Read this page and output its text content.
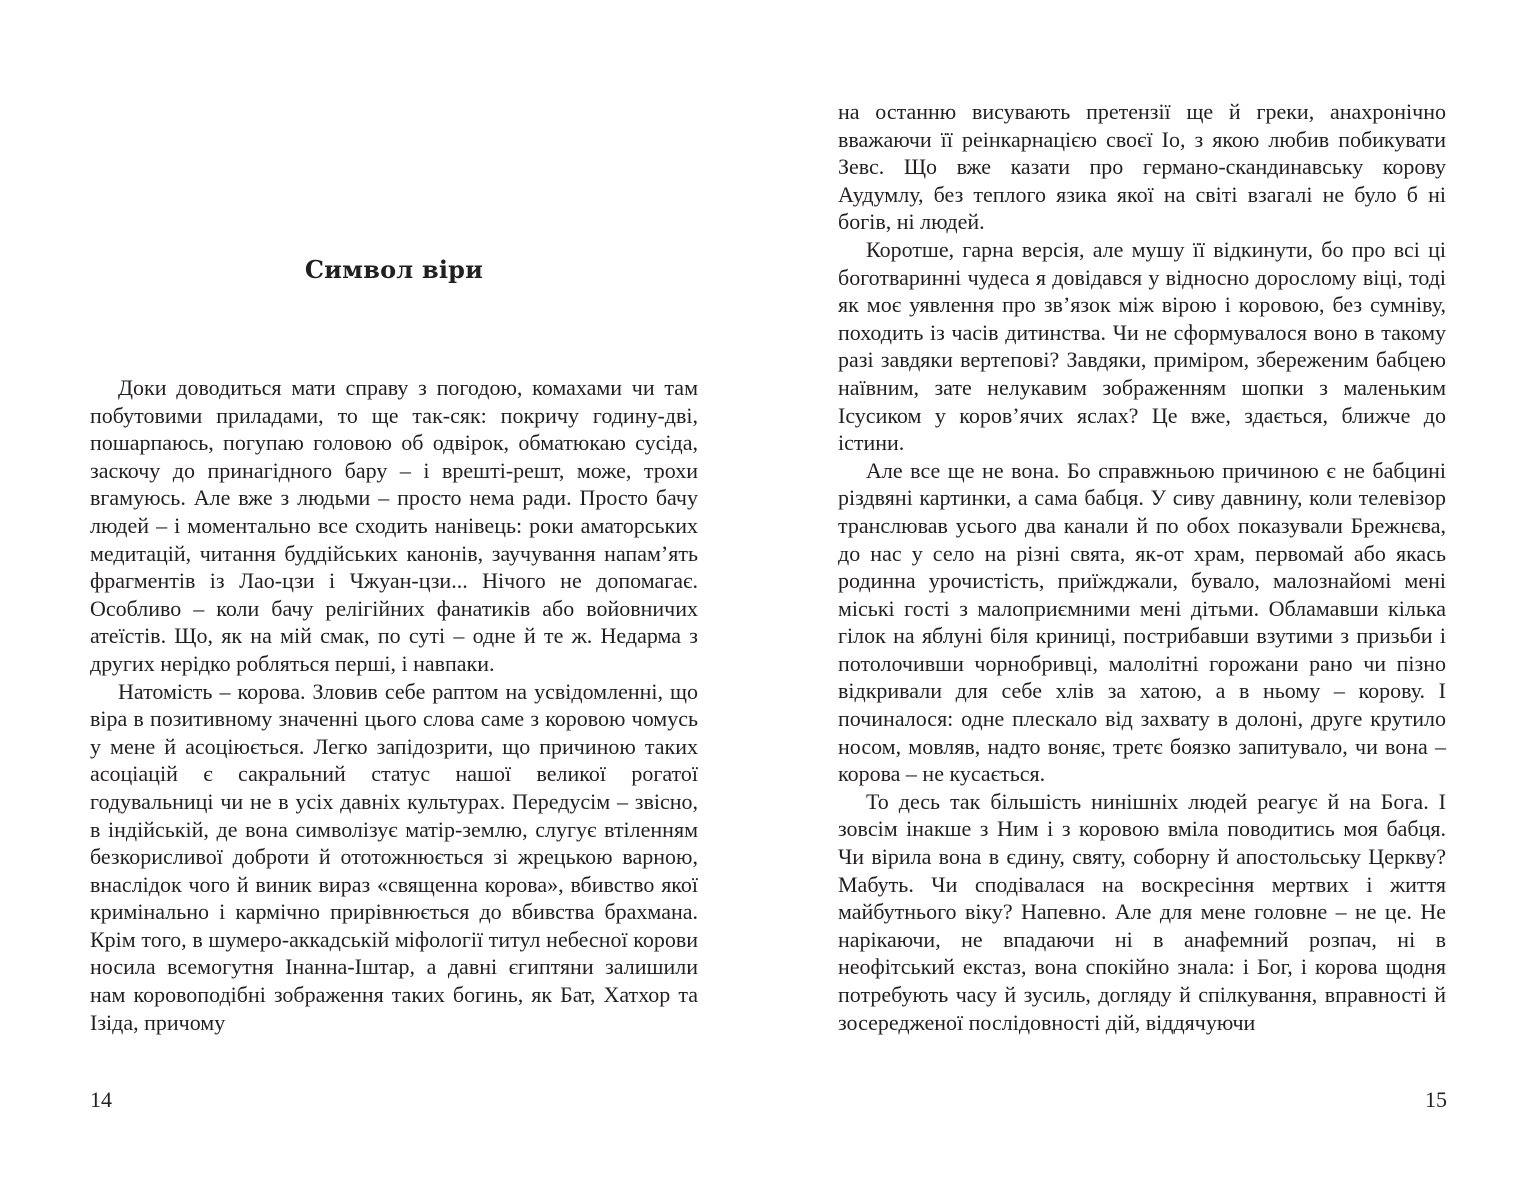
Символ віри

Доки доводиться мати справу з погодою, комахами чи там побутовими приладами, то ще так-сяк: покричу годину-дві, пошарпаюсь, погупаю головою об одвірок, обматюкаю сусіда, заскочу до принагідного бару – і врешті-решт, може, трохи вгамуюсь. Але вже з людьми – просто нема ради. Просто бачу людей – і моментально все сходить нанівець: роки аматорських медитацій, читання буддійських канонів, заучування напам’ять фрагментів із Лао-цзи і Чжуан-цзи... Нічого не допомагає. Особливо – коли бачу релігійних фанатиків або войовничих атеїстів. Що, як на мій смак, по суті – одне й те ж. Недарма з других нерідко робляться перші, і навпаки.

Натомість – корова. Зловив себе раптом на усвідомленні, що віра в позитивному значенні цього слова саме з коровою чомусь у мене й асоціюється. Легко запідозрити, що причиною таких асоціацій є сакральний статус нашої великої рогатої годувальниці чи не в усіх давніх культурах. Передусім – звісно, в індійській, де вона символізує матір-землю, слугує втіленням безкорисливої доброти й ототожнюється зі жрецькою варною, внаслідок чого й виник вираз «священна корова», вбивство якої кримінально і кармічно прирівнюється до вбивства брахмана. Крім того, в шумеро-аккадській міфології титул небесної корови носила всемогутня Інанна-Іштар, а давні єгиптяни залишили нам коровоподібні зображення таких богинь, як Бат, Хатхор та Ізіда, причому

14

на останню висувають претензії ще й греки, анахронічно вважаючи її реінкарнацією своєї Іо, з якою любив побикувати Зевс. Що вже казати про германо-скандинавську корову Аудумлу, без теплого язика якої на світі взагалі не було б ні богів, ні людей.

Коротше, гарна версія, але мушу її відкинути, бо про всі ці боготваринні чудеса я довідався у відносно дорослому віці, тоді як моє уявлення про зв’язок між вірою і коровою, без сумніву, походить із часів дитинства. Чи не сформувалося воно в такому разі завдяки вертепові? Завдяки, приміром, збереженим бабцею наївним, зате нелукавим зображенням шопки з маленьким Ісусиком у коров’ячих яслах? Це вже, здається, ближче до істини.

Але все ще не вона. Бо справжньою причиною є не бабцині різдвяні картинки, а сама бабця. У сиву давнину, коли телевізор транслював усього два канали й по обох показували Брежнєва, до нас у село на різні свята, як-от храм, первомай або якась родинна урочистість, приїжджали, бувало, малознайомі мені міські гості з малоприємними мені дітьми. Обламавши кілька гілок на яблуні біля криниці, пострибавши взутими з призьби і потолочивши чорнобривці, малолітні горожани рано чи пізно відкривали для себе хлів за хатою, а в ньому – корову. І починалося: одне плескало від захвату в долоні, друге крутило носом, мовляв, надто воняє, третє боязко запитувало, чи вона – корова – не кусається.

То десь так більшість нинішніх людей реагує й на Бога. І зовсім інакше з Ним і з коровою вміла поводитись моя бабця. Чи вірила вона в єдину, святу, соборну й апостольську Церкву? Мабуть. Чи сподівалася на воскресіння мертвих і життя майбутнього віку? Напевно. Але для мене головне – не це. Не нарікаючи, не впадаючи ні в анафемний розпач, ні в неофітський екстаз, вона спокійно знала: і Бог, і корова щодня потребують часу й зусиль, догляду й спілкування, вправності й зосередженої послідовності дій, віддячуючи

15
